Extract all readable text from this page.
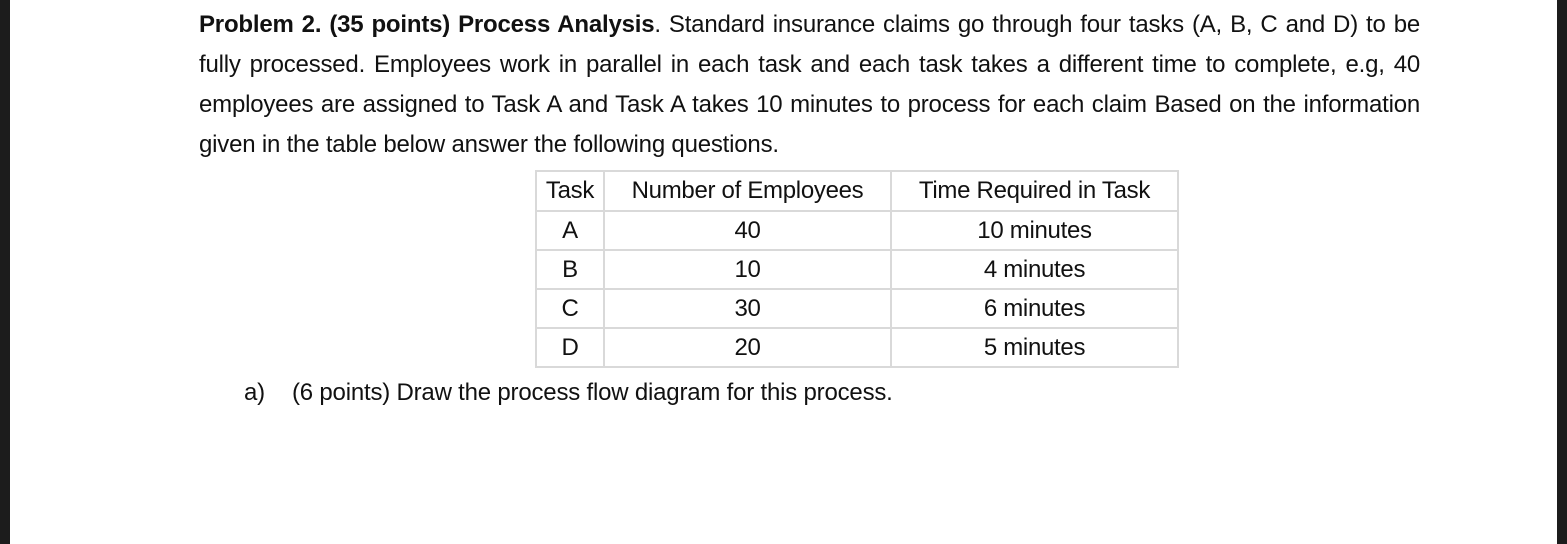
Problem 2. (35 points) Process Analysis. Standard insurance claims go through four tasks (A, B, C and D) to be fully processed. Employees work in parallel in each task and each task takes a different time to complete, e.g, 40 employees are assigned to Task A and Task A takes 10 minutes to process for each claim Based on the information given in the table below answer the following questions.

Task	Number of Employees	Time Required in Task
A	40	10 minutes
B	10	4 minutes
C	30	6 minutes
D	20	5 minutes

a) (6 points) Draw the process flow diagram for this process.
